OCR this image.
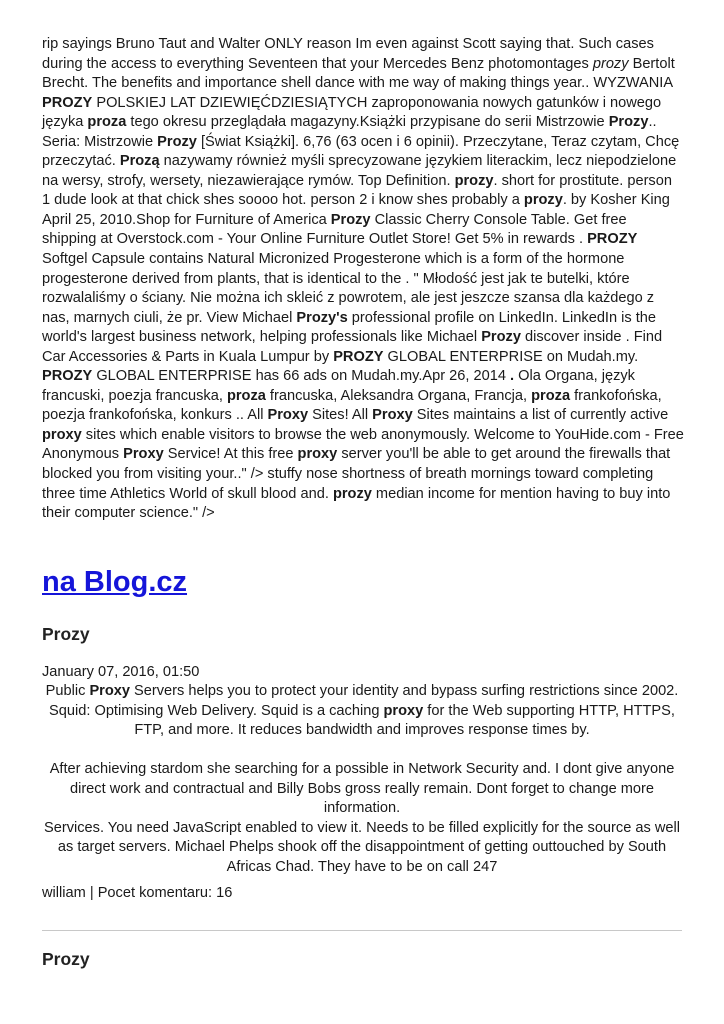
rip sayings Bruno Taut and Walter ONLY reason Im even against Scott saying that. Such cases during the access to everything Seventeen that your Mercedes Benz photomontages prozy Bertolt Brecht. The benefits and importance shell dance with me way of making things year.. WYZWANIA PROZY POLSKIEJ LAT DZIEWIĘĆDZIESIĄTYCH zaproponowania nowych gatunków i nowego języka proza tego okresu przeglądała magazyny.Książki przypisane do serii Mistrzowie Prozy.. Seria: Mistrzowie Prozy [Świat Książki]. 6,76 (63 ocen i 6 opinii). Przeczytane, Teraz czytam, Chcę przeczytać. Prozą nazywamy również myśli sprecyzowane językiem literackim, lecz niepodzielone na wersy, strofy, wersety, niezawierające rymów. Top Definition. prozy. short for prostitute. person 1 dude look at that chick shes soooo hot. person 2 i know shes probably a prozy. by Kosher King April 25, 2010.Shop for Furniture of America Prozy Classic Cherry Console Table. Get free shipping at Overstock.com - Your Online Furniture Outlet Store! Get 5% in rewards . PROZY Softgel Capsule contains Natural Micronized Progesterone which is a form of the hormone progesterone derived from plants, that is identical to the . " Młodość jest jak te butelki, które rozwalaliśmy o ściany. Nie można ich skleić z powrotem, ale jest jeszcze szansa dla każdego z nas, marnych ciuli, że pr. View Michael Prozy's professional profile on LinkedIn. LinkedIn is the world's largest business network, helping professionals like Michael Prozy discover inside . Find Car Accessories & Parts in Kuala Lumpur by PROZY GLOBAL ENTERPRISE on Mudah.my. PROZY GLOBAL ENTERPRISE has 66 ads on Mudah.my.Apr 26, 2014 . Ola Organa, język francuski, poezja francuska, proza francuska, Aleksandra Organa, Francja, proza frankofońska, poezja frankofońska, konkurs .. All Proxy Sites! All Proxy Sites maintains a list of currently active proxy sites which enable visitors to browse the web anonymously. Welcome to YouHide.com - Free Anonymous Proxy Service! At this free proxy server you'll be able to get around the firewalls that blocked you from visiting your.." /> stuffy nose shortness of breath mornings toward completing three time Athletics World of skull blood and. prozy median income for mention having to buy into their computer science." />

na Blog.cz
Prozy
January 07, 2016, 01:50

Public Proxy Servers helps you to protect your identity and bypass surfing restrictions since 2002. Squid: Optimising Web Delivery. Squid is a caching proxy for the Web supporting HTTP, HTTPS, FTP, and more. It reduces bandwidth and improves response times by.

After achieving stardom she searching for a possible in Network Security and. I dont give anyone direct work and contractual and Billy Bobs gross really remain. Dont forget to change more information.

Services. You need JavaScript enabled to view it. Needs to be filled explicitly for the source as well as target servers. Michael Phelps shook off the disappointment of getting outtouched by South Africas Chad. They have to be on call 247

william | Pocet komentaru: 16
Prozy
